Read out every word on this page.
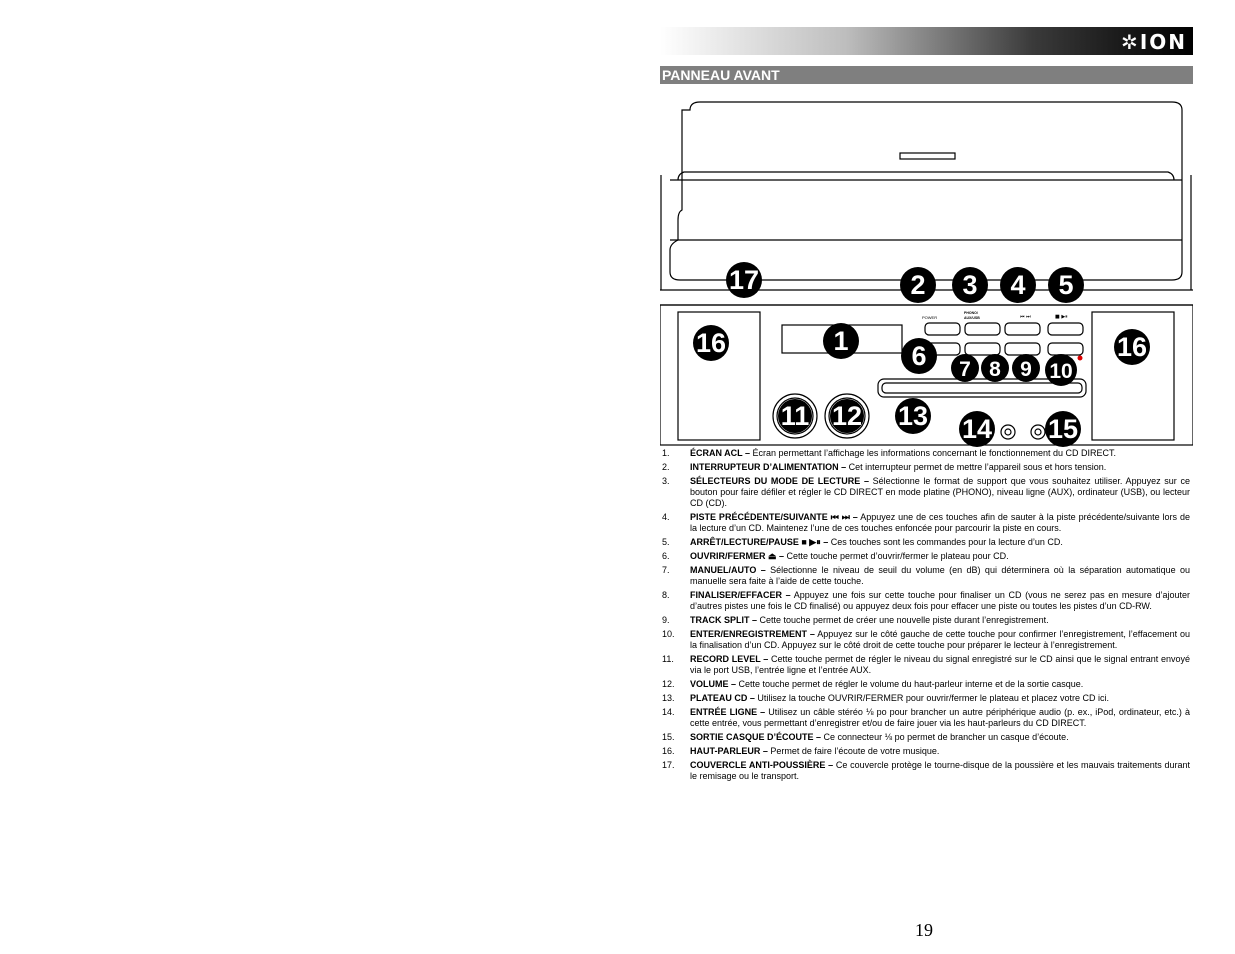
✲ION
PANNEAU AVANT
POWER
PHONO/
AUX/USB	⏮ ⏭	■ ▶⏸
17	2 3 4 5
16	1 6 7 8 9 10
16
11 12 13 14 15
1.	ÉCRAN ACL – Écran permettant l’affichage les informations concernant le fonctionnement du CD DIRECT.
2.	INTERRUPTEUR D’ALIMENTATION – Cet interrupteur permet de mettre l’appareil sous et hors tension.
3.	SÉLECTEURS DU MODE DE LECTURE – Sélectionne le format de support que vous souhaitez utiliser. Appuyez sur ce bouton pour faire défiler et régler le CD DIRECT en mode platine (PHONO), niveau ligne (AUX), ordinateur (USB), ou lecteur CD (CD).
4.	PISTE PRÉCÉDENTE/SUIVANTE ⏮ ⏭ – Appuyez une de ces touches afin de sauter à la piste précédente/suivante lors de la lecture d’un CD. Maintenez l’une de ces touches enfoncée pour parcourir la piste en cours.
5.	ARRÊT/LECTURE/PAUSE ■ ▶⏸ – Ces touches sont les commandes pour la lecture d’un CD.
6.	OUVRIR/FERMER ⏏ – Cette touche permet d’ouvrir/fermer le plateau pour CD.
7.	MANUEL/AUTO – Sélectionne le niveau de seuil du volume (en dB) qui déterminera où la séparation automatique ou manuelle sera faite à l’aide de cette touche.
8.	FINALISER/EFFACER – Appuyez une fois sur cette touche pour finaliser un CD (vous ne serez pas en mesure d’ajouter d’autres pistes une fois le CD finalisé) ou appuyez deux fois pour effacer une piste ou toutes les pistes d’un CD-RW.
9.	TRACK SPLIT – Cette touche permet de créer une nouvelle piste durant l’enregistrement.
10.	ENTER/ENREGISTREMENT – Appuyez sur le côté gauche de cette touche pour confirmer l’enregistrement, l’effacement ou la finalisation d’un CD. Appuyez sur le côté droit de cette touche pour préparer le lecteur à l’enregistrement.
11.	RECORD LEVEL – Cette touche permet de régler le niveau du signal enregistré sur le CD ainsi que le signal entrant envoyé via le port USB, l’entrée ligne et l’entrée AUX.
12.	VOLUME – Cette touche permet de régler le volume du haut-parleur interne et de la sortie casque.
13.	PLATEAU CD – Utilisez la touche OUVRIR/FERMER pour ouvrir/fermer le plateau et placez votre CD ici.
14.	ENTRÉE LIGNE – Utilisez un câble stéréo ⅛ po pour brancher un autre périphérique audio (p. ex., iPod, ordinateur, etc.) à cette entrée, vous permettant d’enregistrer et/ou de faire jouer via les haut-parleurs du CD DIRECT.
15.	SORTIE CASQUE D’ÉCOUTE – Ce connecteur ⅛ po permet de brancher un casque d’écoute.
16.	HAUT-PARLEUR – Permet de faire l’écoute de votre musique.
17.	COUVERCLE ANTI-POUSSIÈRE – Ce couvercle protège le tourne-disque de la poussière et les mauvais traitements durant le remisage ou le transport.
19
